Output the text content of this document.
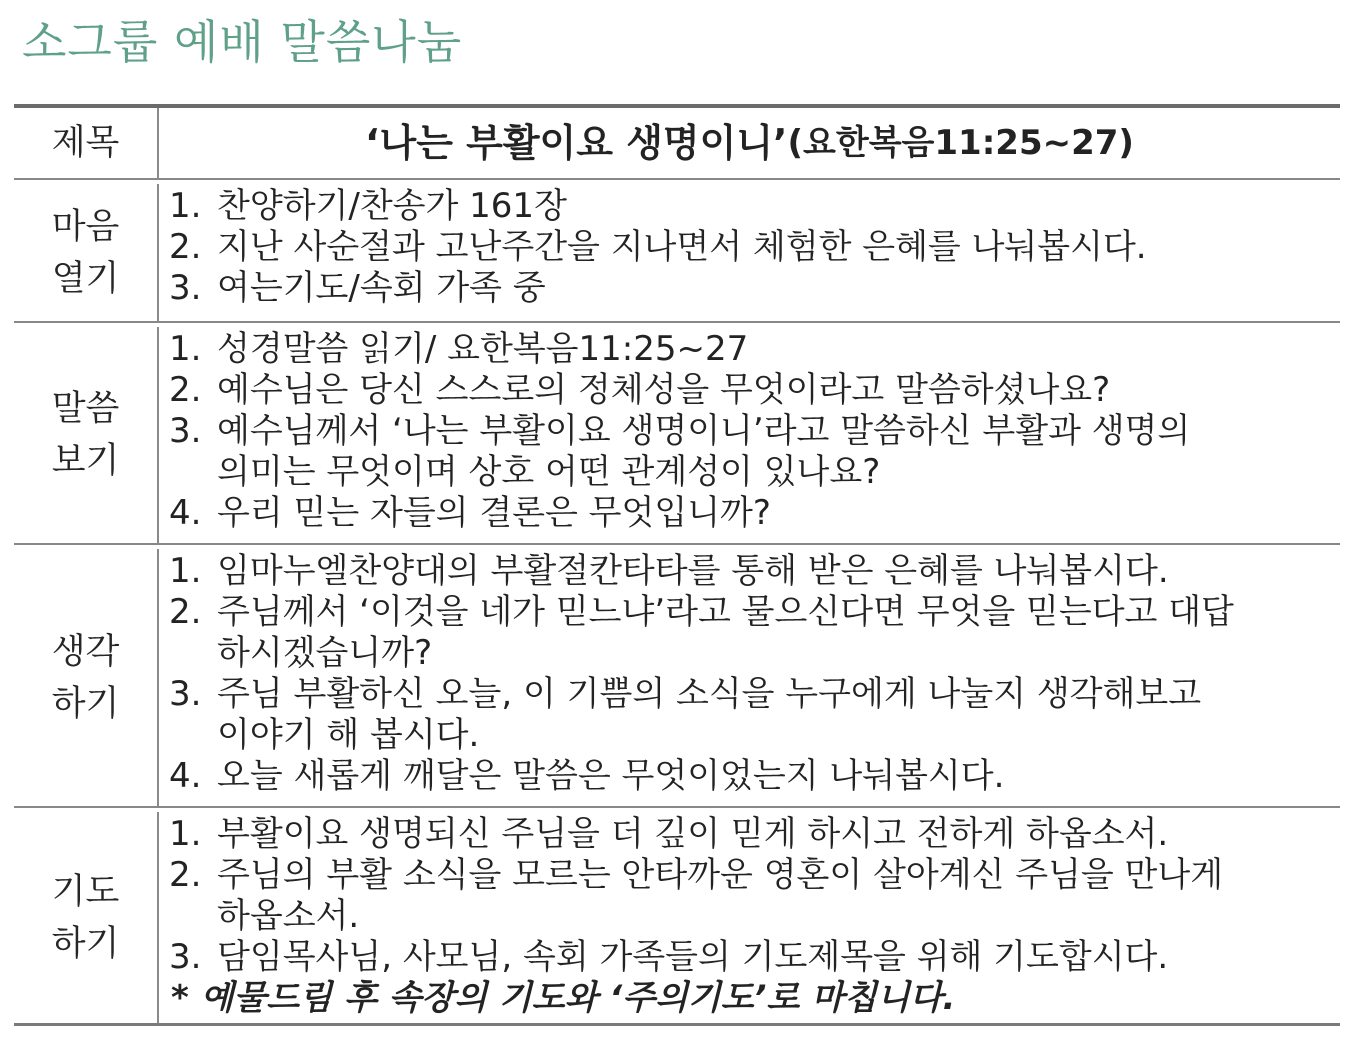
소그룹 예배 말씀나눔
제목	‘나는 부활이요 생명이니’ (요한복음11:25~27)
마음
열기
1. 찬양하기/찬송가 161장
2. 지난 사순절과 고난주간을 지나면서 체험한 은혜를 나눠봅시다.
3. 여는기도/속회 가족 중
말씀
보기
1. 성경말씀 읽기/ 요한복음11:25~27
2. 예수님은 당신 스스로의 정체성을 무엇이라고 말씀하셨나요?
3. 예수님께서 ‘나는 부활이요 생명이니’라고 말씀하신 부활과 생명의
의미는 무엇이며 상호 어떤 관계성이 있나요?
4. 우리 믿는 자들의 결론은 무엇입니까?
생각
하기
1. 임마누엘찬양대의 부활절칸타타를 통해 받은 은혜를 나눠봅시다.
2. 주님께서 ‘이것을 네가 믿느냐’라고 물으신다면 무엇을 믿는다고 대답
하시겠습니까?
3. 주님 부활하신 오늘, 이 기쁨의 소식을 누구에게 나눌지 생각해보고
이야기 해 봅시다.
4. 오늘 새롭게 깨달은 말씀은 무엇이었는지 나눠봅시다.
기도
하기
1. 부활이요 생명되신 주님을 더 깊이 믿게 하시고 전하게 하옵소서.
2. 주님의 부활 소식을 모르는 안타까운 영혼이 살아계신 주님을 만나게
하옵소서.
3. 담임목사님, 사모님, 속회 가족들의 기도제목을 위해 기도합시다.
* 예물드림 후 속장의 기도와 ‘주의기도’로 마칩니다.
